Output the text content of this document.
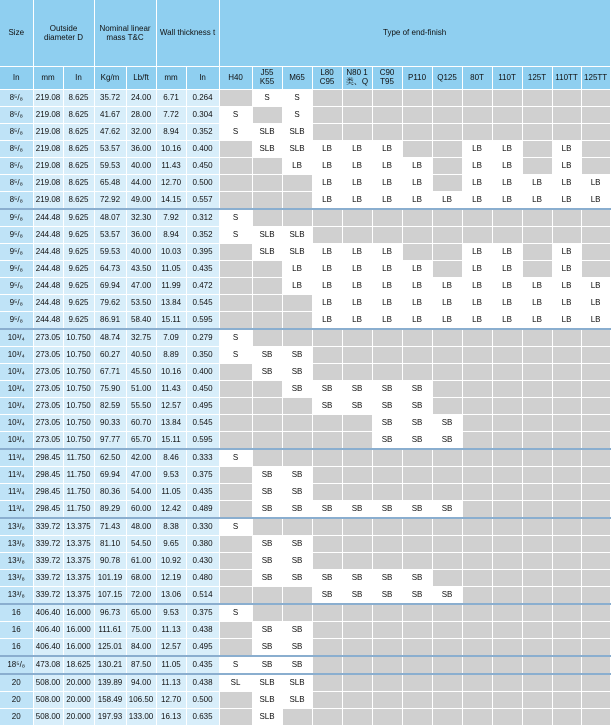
Size	Outside diameter D		Nominal linear mass T&C		Wall thickness t		Type of end-finish												
In	mm	In	Kg/m	Lb/ft	mm	In	H40	J55 K55	M65	L80 C95	N80 1类、Q	C90 T95	P110	Q125	80T	110T	125T	110TT	125TT
8⁵/₈	219.08	8.625	35.72	24.00	6.71	0.264		S	S										
8⁵/₈	219.08	8.625	41.67	28.00	7.72	0.304	S		S										
8⁵/₈	219.08	8.625	47.62	32.00	8.94	0.352	S	SLB	SLB										
8⁵/₈	219.08	8.625	53.57	36.00	10.16	0.400		SLB	SLB	LB	LB	LB			LB	LB		LB	
8⁵/₈	219.08	8.625	59.53	40.00	11.43	0.450			LB	LB	LB	LB	LB		LB	LB		LB	
8⁵/₈	219.08	8.625	65.48	44.00	12.70	0.500				LB	LB	LB	LB		LB	LB	LB	LB	LB
8⁵/₈	219.08	8.625	72.92	49.00	14.15	0.557				LB	LB	LB	LB	LB	LB	LB	LB	LB	LB
9⁵/₈	244.48	9.625	48.07	32.30	7.92	0.312	S												
9⁵/₈	244.48	9.625	53.57	36.00	8.94	0.352	S	SLB	SLB										
9⁵/₈	244.48	9.625	59.53	40.00	10.03	0.395		SLB	SLB	LB	LB	LB			LB	LB		LB	
9⁵/₈	244.48	9.625	64.73	43.50	11.05	0.435			LB	LB	LB	LB	LB		LB	LB		LB	
9⁵/₈	244.48	9.625	69.94	47.00	11.99	0.472			LB	LB	LB	LB	LB	LB	LB	LB	LB	LB	LB
9⁵/₈	244.48	9.625	79.62	53.50	13.84	0.545				LB	LB	LB	LB	LB	LB	LB	LB	LB	LB
9⁵/₈	244.48	9.625	86.91	58.40	15.11	0.595				LB	LB	LB	LB	LB	LB	LB	LB	LB	LB
10³/₄	273.05	10.750	48.74	32.75	7.09	0.279	S												
10³/₄	273.05	10.750	60.27	40.50	8.89	0.350	S	SB	SB										
10³/₄	273.05	10.750	67.71	45.50	10.16	0.400		SB	SB										
10³/₄	273.05	10.750	75.90	51.00	11.43	0.450			SB	SB	SB	SB	SB						
10³/₄	273.05	10.750	82.59	55.50	12.57	0.495				SB	SB	SB	SB						
10³/₄	273.05	10.750	90.33	60.70	13.84	0.545						SB	SB	SB					
10³/₄	273.05	10.750	97.77	65.70	15.11	0.595						SB	SB	SB					
11³/₄	298.45	11.750	62.50	42.00	8.46	0.333	S												
11³/₄	298.45	11.750	69.94	47.00	9.53	0.375		SB	SB										
11³/₄	298.45	11.750	80.36	54.00	11.05	0.435		SB	SB										
11³/₄	298.45	11.750	89.29	60.00	12.42	0.489		SB	SB	SB	SB	SB	SB	SB					
13³/₈	339.72	13.375	71.43	48.00	8.38	0.330	S												
13³/₈	339.72	13.375	81.10	54.50	9.65	0.380		SB	SB										
13³/₈	339.72	13.375	90.78	61.00	10.92	0.430		SB	SB										
13³/₈	339.72	13.375	101.19	68.00	12.19	0.480		SB	SB	SB	SB	SB	SB						
13³/₈	339.72	13.375	107.15	72.00	13.06	0.514				SB	SB	SB	SB	SB					
16	406.40	16.000	96.73	65.00	9.53	0.375	S												
16	406.40	16.000	111.61	75.00	11.13	0.438		SB	SB										
16	406.40	16.000	125.01	84.00	12.57	0.495		SB	SB										
18⁵/₈	473.08	18.625	130.21	87.50	11.05	0.435	S	SB	SB										
20	508.00	20.000	139.89	94.00	11.13	0.438	SL	SLB	SLB										
20	508.00	20.000	158.49	106.50	12.70	0.500		SLB	SLB										
20	508.00	20.000	197.93	133.00	16.13	0.635		SLB											
